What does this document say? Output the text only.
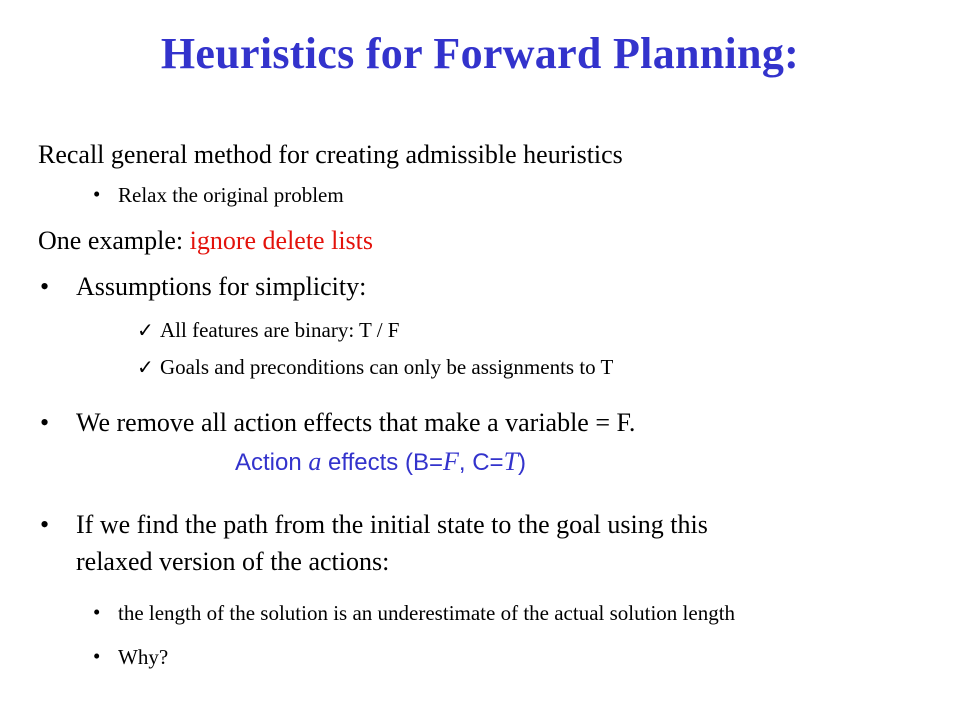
Heuristics for Forward Planning:
Recall general method for creating admissible heuristics
• Relax the original problem
One example: ignore delete lists
• Assumptions for simplicity:
✓ All features are binary: T / F
✓ Goals and preconditions can only be assignments to T
• We remove all action effects that make a variable = F.
Action a effects (B=F, C=T)
• If we find the path from the initial state to the goal using this
relaxed version of the actions:
• the length of the solution is an underestimate of the actual solution length
• Why?
